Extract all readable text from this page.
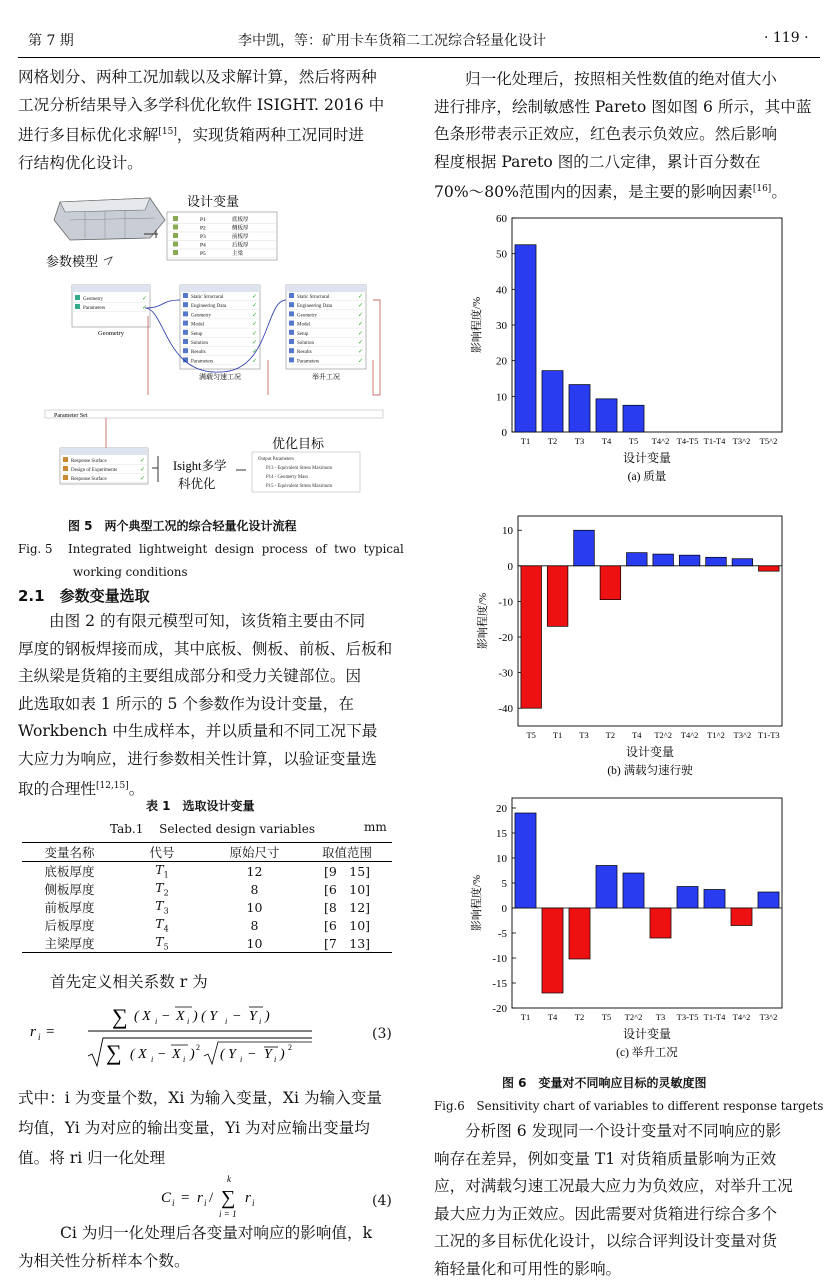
第 7 期	李中凯，等：矿用卡车货箱二工况综合轻量化设计	· 119 ·
网格划分、两种工况加载以及求解计算，然后将两种
工况分析结果导入多学科优化软件 ISIGHT. 2016 中
进行多目标优化求解[15]，实现货箱两种工况同时进
行结构优化设计。
设计变量
P1	底板厚
P2	侧板厚
P3	前板厚
P4	后板厚
P5	主梁
参数模型
Geometry	✓
Parameters	✓
Geometry
Static Structural	✓
Engineering Data	✓
Geometry	✓
Model	✓
Setup	✓
Solution	✓
Results	✓
Parameters	✓
满载匀速工况
Static Structural	✓
Engineering Data	✓
Geometry	✓
Model	✓
Setup	✓
Solution	✓
Results	✓
Parameters	✓
举升工况
Parameter Set
Response Surface	✓
Design of Experiments	✓
Response Surface	✓
Isight多学
科优化
优化目标
Output Parameters
P13 - Equivalent Stress Maximum
P14 - Geometry Mass
P15 - Equivalent Stress Maximum
图 5　两个典型工况的综合轻量化设计流程
Fig. 5　 Integrated  lightweight  design  process  of  two  typical
working conditions
2.1　参数变量选取
由图 2 的有限元模型可知，该货箱主要由不同
厚度的钢板焊接而成，其中底板、侧板、前板、后板和
主纵梁是货箱的主要组成部分和受力关键部位。因
此选取如表 1 所示的 5 个参数作为设计变量，在
Workbench 中生成样本，并以质量和不同工况下最
大应力为响应，进行参数相关性计算，以验证变量选
取的合理性[12,15]。
表 1　选取设计变量
Tab.1　 Selected design variables	mm
变量名称	代号	原始尺寸	取值范围
底板厚度	$T_1$	12	[9　15]
侧板厚度	$T_2$	8	[6　10]
前板厚度	$T_3$	10	[8　12]
后板厚度	$T_4$	8	[6　10]
主梁厚度	$T_5$	10	[7　13]
首先定义相关系数 r 为
r i =
∑ ( X i − X i ) ( Y i − Y i )
∑ ( X i − X i ) 2 ( Y i − Y i ) 2
(3)
式中：i 为变量个数，Xi 为输入变量，Xi 为输入变量
均值，Yi 为对应的输出变量，Yi 为对应输出变量均
值。将 ri 归一化处理
C i = r i / ∑
k
i = 1
r i	(4)
Ci 为归一化处理后各变量对响应的影响值，k
为相关性分析样本个数。
归一化处理后，按照相关性数值的绝对值大小
进行排序，绘制敏感性 Pareto 图如图 6 所示，其中蓝
色条形带表示正效应，红色表示负效应。然后影响
程度根据 Pareto 图的二八定律，累计百分数在
70%～80%范围内的因素，是主要的影响因素[16]。
0
10
20
30
40
50
60
T1 T2 T3 T4 T5 T4^2 T4-T5 T1-T4 T3^2 T5^2
影响程度/%
设计变量
(a) 质量
-40
-30
-20
-10
0
10
T5 T1 T3 T2 T4 T2^2 T4^2 T1^2 T3^2 T1-T3
影响程度/%
设计变量
(b) 满载匀速行驶
-20
-15
-10
-5
0
5
10
15
20
T1 T4 T2 T5 T2^2 T3 T3-T5 T1-T4 T4^2 T3^2
影响程度/%
设计变量
(c) 举升工况
图 6　变量对不同响应目标的灵敏度图
Fig.6　Sensitivity chart of variables to different response targets
分析图 6 发现同一个设计变量对不同响应的影
响存在差异，例如变量 T1 对货箱质量影响为正效
应，对满载匀速工况最大应力为负效应，对举升工况
最大应力为正效应。因此需要对货箱进行综合多个
工况的多目标优化设计，以综合评判设计变量对货
箱轻量化和可用性的影响。
